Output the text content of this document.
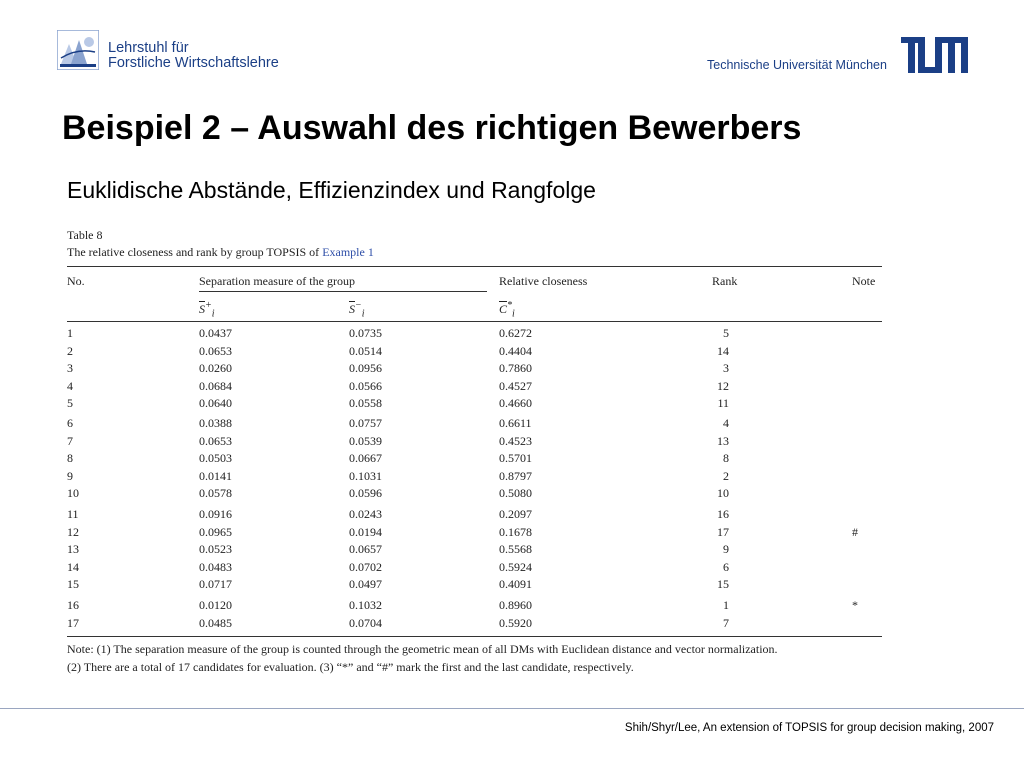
Lehrstuhl für
Forstliche Wirtschaftslehre	Technische Universität München
Beispiel 2 – Auswahl des richtigen Bewerbers
Euklidische Abstände, Effizienzindex und Rangfolge
Table 8
The relative closeness and rank by group TOPSIS of Example 1
No.	Separation measure of the group	Relative closeness	Rank	Note
$\overline{S}^+_i$	$\overline{S}^-_i$	$\overline{C}^*_i$
1	0.0437	0.0735	0.6272	5
2	0.0653	0.0514	0.4404	14
3	0.0260	0.0956	0.7860	3
4	0.0684	0.0566	0.4527	12
5	0.0640	0.0558	0.4660	11
6	0.0388	0.0757	0.6611	4
7	0.0653	0.0539	0.4523	13
8	0.0503	0.0667	0.5701	8
9	0.0141	0.1031	0.8797	2
10	0.0578	0.0596	0.5080	10
11	0.0916	0.0243	0.2097	16
12	0.0965	0.0194	0.1678	17	#
13	0.0523	0.0657	0.5568	9
14	0.0483	0.0702	0.5924	6
15	0.0717	0.0497	0.4091	15
16	0.0120	0.1032	0.8960	1	*
17	0.0485	0.0704	0.5920	7
Note: (1) The separation measure of the group is counted through the geometric mean of all DMs with Euclidean distance and vector normalization.
(2) There are a total of 17 candidates for evaluation. (3) “*” and “#” mark the first and the last candidate, respectively.
Shih/Shyr/Lee, An extension of TOPSIS for group decision making, 2007
